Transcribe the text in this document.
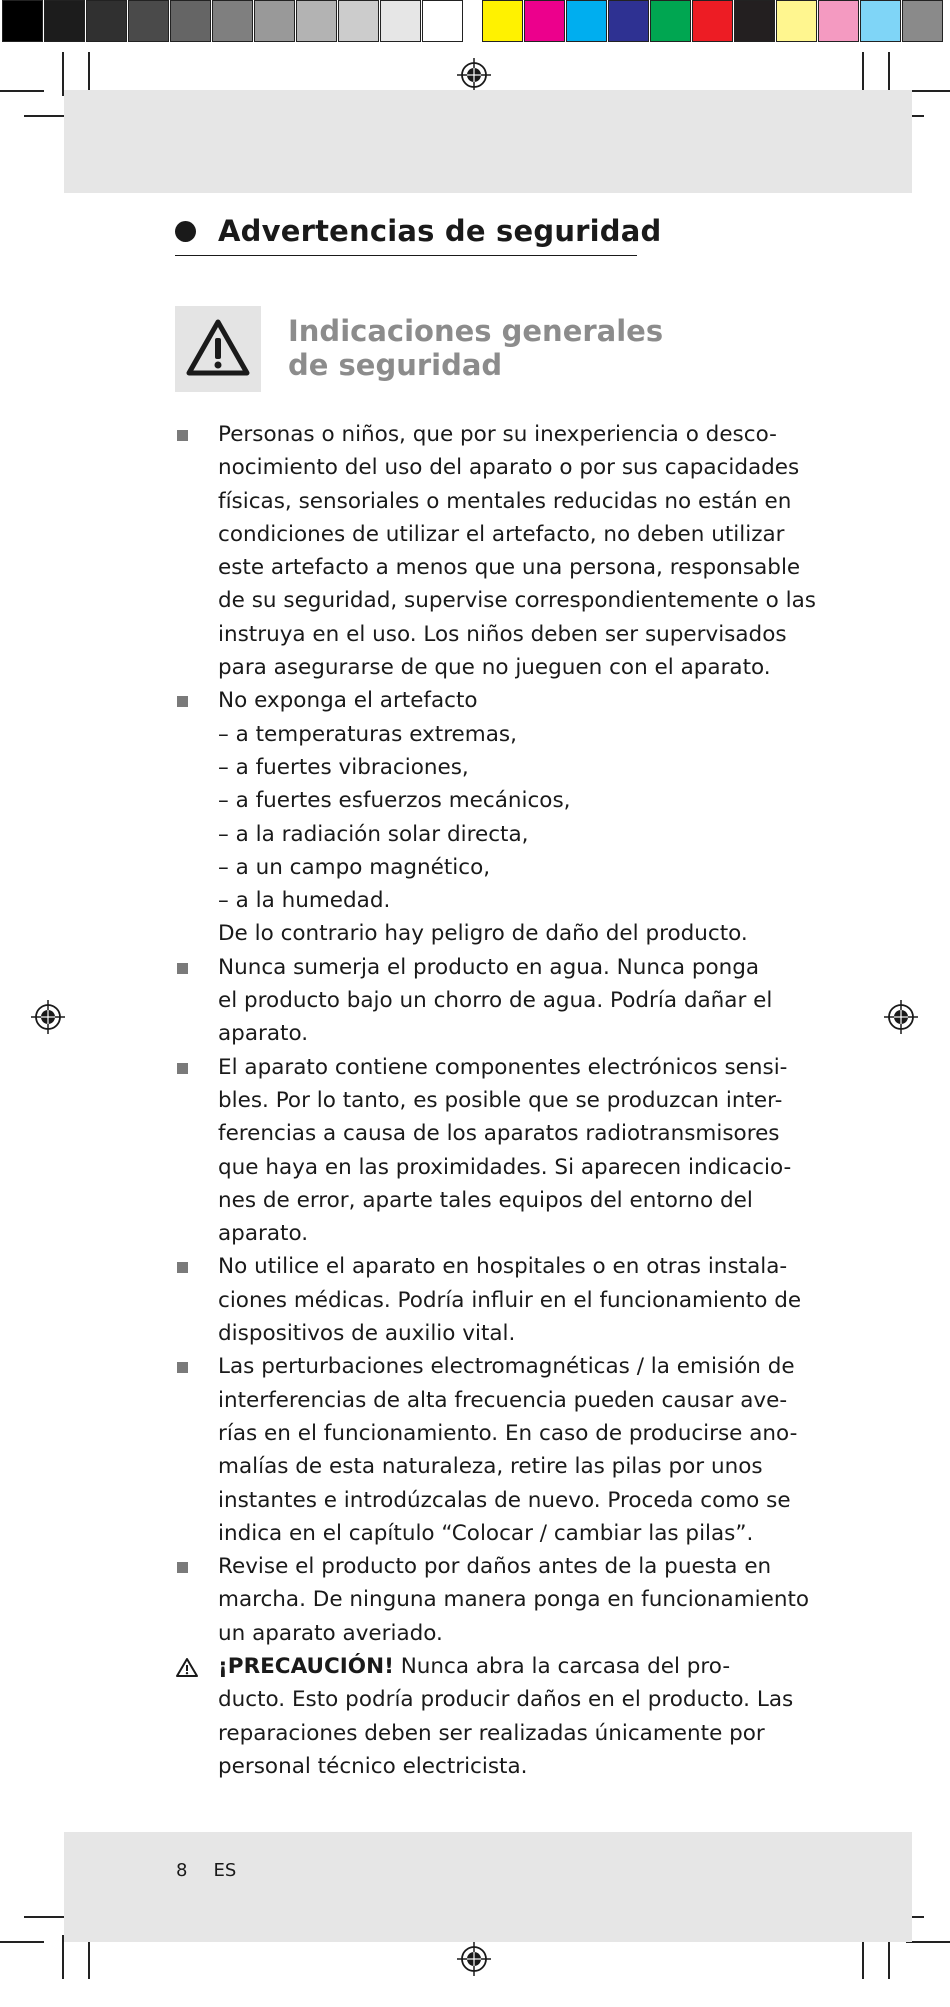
Advertencias de seguridad
Indicaciones generales
de seguridad
Personas o niños, que por su inexperiencia o desco-
nocimiento del uso del aparato o por sus capacidades
físicas, sensoriales o mentales reducidas no están en
condiciones de utilizar el artefacto, no deben utilizar
este artefacto a menos que una persona, responsable
de su seguridad, supervise correspondientemente o las
instruya en el uso. Los niños deben ser supervisados
para asegurarse de que no jueguen con el aparato.
No exponga el artefacto
– a temperaturas extremas,
– a fuertes vibraciones,
– a fuertes esfuerzos mecánicos,
– a la radiación solar directa,
– a un campo magnético,
– a la humedad.
De lo contrario hay peligro de daño del producto.
Nunca sumerja el producto en agua. Nunca ponga
el producto bajo un chorro de agua. Podría dañar el
aparato.
El aparato contiene componentes electrónicos sensi-
bles. Por lo tanto, es posible que se produzcan inter-
ferencias a causa de los aparatos radiotransmisores
que haya en las proximidades. Si aparecen indicacio-
nes de error, aparte tales equipos del entorno del
aparato.
No utilice el aparato en hospitales o en otras instala-
ciones médicas. Podría influir en el funcionamiento de
dispositivos de auxilio vital.
Las perturbaciones electromagnéticas / la emisión de
interferencias de alta frecuencia pueden causar ave-
rías en el funcionamiento. En caso de producirse ano-
malías de esta naturaleza, retire las pilas por unos
instantes e introdúzcalas de nuevo. Proceda como se
indica en el capítulo “Colocar / cambiar las pilas”.
Revise el producto por daños antes de la puesta en
marcha. De ninguna manera ponga en funcionamiento
un aparato averiado.
¡PRECAUCIÓN! Nunca abra la carcasa del pro-
ducto. Esto podría producir daños en el producto. Las
reparaciones deben ser realizadas únicamente por
personal técnico electricista.
8 ES
